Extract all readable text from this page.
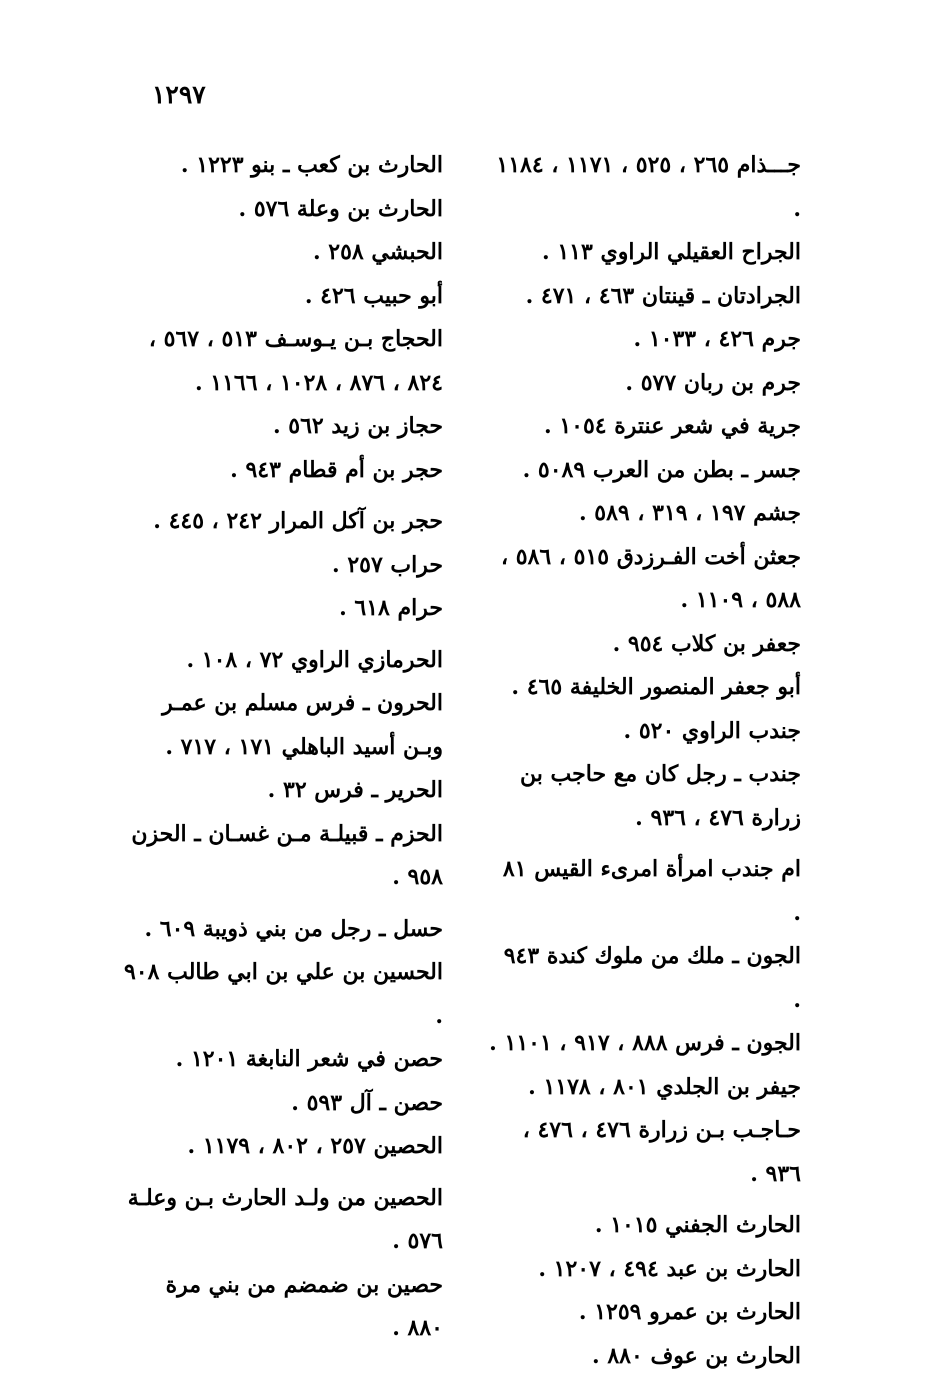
١٢٩٧
جـــذام ٢٦٥ ، ٥٢٥ ، ١١٧١ ، ١١٨٤ .
الجراح العقيلي الراوي ١١٣ .
الجرادتان ـ قينتان ٤٦٣ ، ٤٧١ .
جرم ٤٢٦ ، ١٠٣٣ .
جرم بن ربان ٥٧٧ .
جرية في شعر عنترة ١٠٥٤ .
جسر ـ بطن من العرب ٥٠٨٩ .
جشم ١٩٧ ، ٣١٩ ، ٥٨٩ .
جعثن أخت الفـرزدق ٥١٥ ، ٥٨٦ ، ٥٨٨ ، ١١٠٩ .
جعفر بن كلاب ٩٥٤ .
أبو جعفر المنصور الخليفة ٤٦٥ .
جندب الراوي ٥٢٠ .
جندب ـ رجل كان مع حاجب بن زرارة ٤٧٦ ، ٩٣٦ .
ام جندب امرأة امرىء القيس ٨١ .
الجون ـ ملك من ملوك كندة ٩٤٣ .
الجون ـ فرس ٨٨٨ ، ٩١٧ ، ١١٠١ .
جيفر بن الجلدي ٨٠١ ، ١١٧٨ .
حـاجـب بـن زرارة ٤٧٦ ، ٤٧٦ ، ٩٣٦ .
الحارث الجفني ١٠١٥ .
الحارث بن عبد ٤٩٤ ، ١٢٠٧ .
الحارث بن عمرو ١٢٥٩ .
الحارث بن عوف ٨٨٠ .
الحارث بن كعب ـ بنو ١٢٢٣ .
الحارث بن وعلة ٥٧٦ .
الحبشي ٢٥٨ .
أبو حبيب ٤٢٦ .
الحجاج بـن يـوسـف ٥١٣ ، ٥٦٧ ، ٨٢٤ ، ٨٧٦ ، ١٠٢٨ ، ١١٦٦ .
حجاز بن زيد ٥٦٢ .
حجر بن أم قطام ٩٤٣ .
حجر بن آكل المرار ٢٤٢ ، ٤٤٥ .
حراب ٢٥٧ .
حرام ٦١٨ .
الحرمازي الراوي ٧٢ ، ١٠٨ .
الحرون ـ فرس مسلم بن عمـر وبـن أسيد الباهلي ١٧١ ، ٧١٧ .
الحرير ـ فرس ٣٢ .
الحزم ـ قبيلـة مـن غسـان ـ الحزن ٩٥٨ .
حسل ـ رجل من بني ذويبة ٦٠٩ .
الحسين بن علي بن ابي طالب ٩٠٨ .
حصن في شعر النابغة ١٢٠١ .
حصن ـ آل ٥٩٣ .
الحصين ٢٥٧ ، ٨٠٢ ، ١١٧٩ .
الحصين من ولـد الحارث بـن وعلـة ٥٧٦ .
حصين بن ضمضم من بني مرة ٨٨٠ .
